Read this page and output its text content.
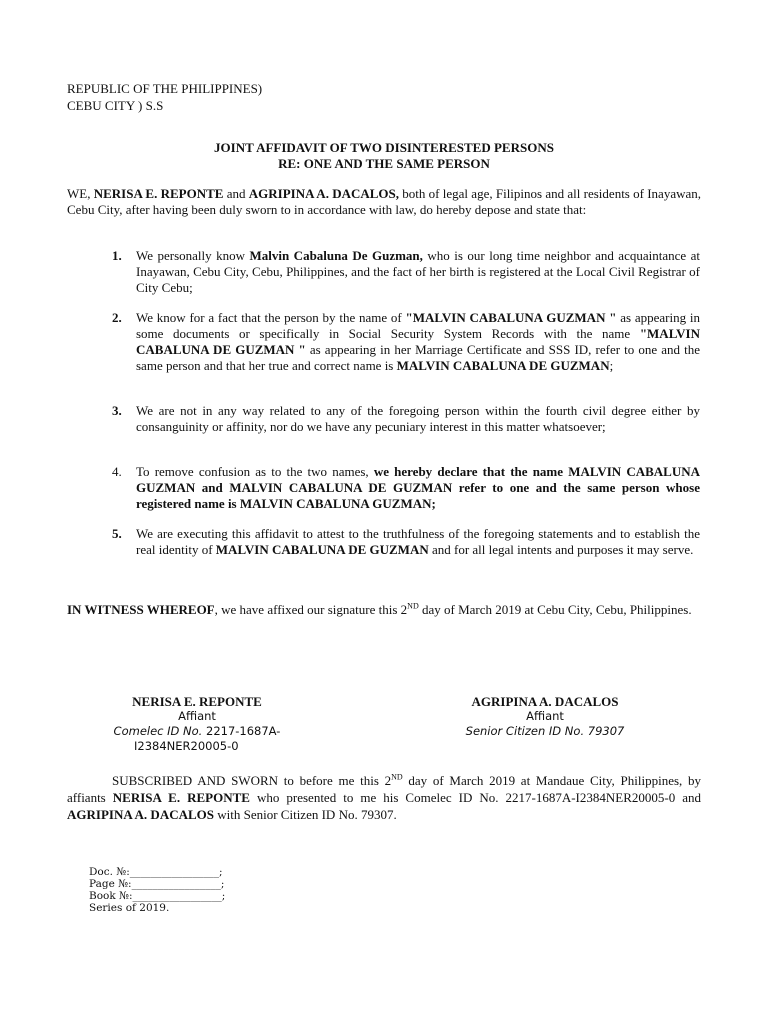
REPUBLIC OF THE PHILIPPINES)
CEBU CITY ) S.S
JOINT AFFIDAVIT OF TWO DISINTERESTED PERSONS
RE: ONE AND THE SAME PERSON
WE, NERISA E. REPONTE and AGRIPINA A. DACALOS, both of legal age, Filipinos and all residents of Inayawan, Cebu City, after having been duly sworn to in accordance with law, do hereby depose and state that:
1.	We personally know Malvin Cabaluna De Guzman, who is our long time neighbor and acquaintance at Inayawan, Cebu City, Cebu, Philippines, and the fact of her birth is registered at the Local Civil Registrar of City Cebu;
2.	We know for a fact that the person by the name of "MALVIN CABALUNA GUZMAN " as appearing in some documents or specifically in Social Security System Records with the name "MALVIN CABALUNA DE GUZMAN " as appearing in her Marriage Certificate and SSS ID, refer to one and the same person and that her true and correct name is MALVIN CABALUNA DE GUZMAN;
3.	We are not in any way related to any of the foregoing person within the fourth civil degree either by consanguinity or affinity, nor do we have any pecuniary interest in this matter whatsoever;
4.	To remove confusion as to the two names, we hereby declare that the name MALVIN CABALUNA GUZMAN and MALVIN CABALUNA DE GUZMAN refer to one and the same person whose registered name is MALVIN CABALUNA GUZMAN;
5.	We are executing this affidavit to attest to the truthfulness of the foregoing statements and to establish the real identity of MALVIN CABALUNA DE GUZMAN and for all legal intents and purposes it may serve.
IN WITNESS WHEREOF, we have affixed our signature this 2ND day of March 2019 at Cebu City, Cebu, Philippines.
NERISA E. REPONTE
Affiant
Comelec ID No. 2217-1687A-
I2384NER20005-0
AGRIPINA A. DACALOS
Affiant
Senior Citizen ID No. 79307
SUBSCRIBED AND SWORN to before me this 2ND day of March 2019 at Mandaue City, Philippines, by affiants NERISA E. REPONTE who presented to me his Comelec ID No. 2217-1687A-I2384NER20005-0 and AGRIPINA A. DACALOS with Senior Citizen ID No. 79307.
Doc. №:_________________;
Page №:_________________;
Book №:_________________;
Series of 2019.
